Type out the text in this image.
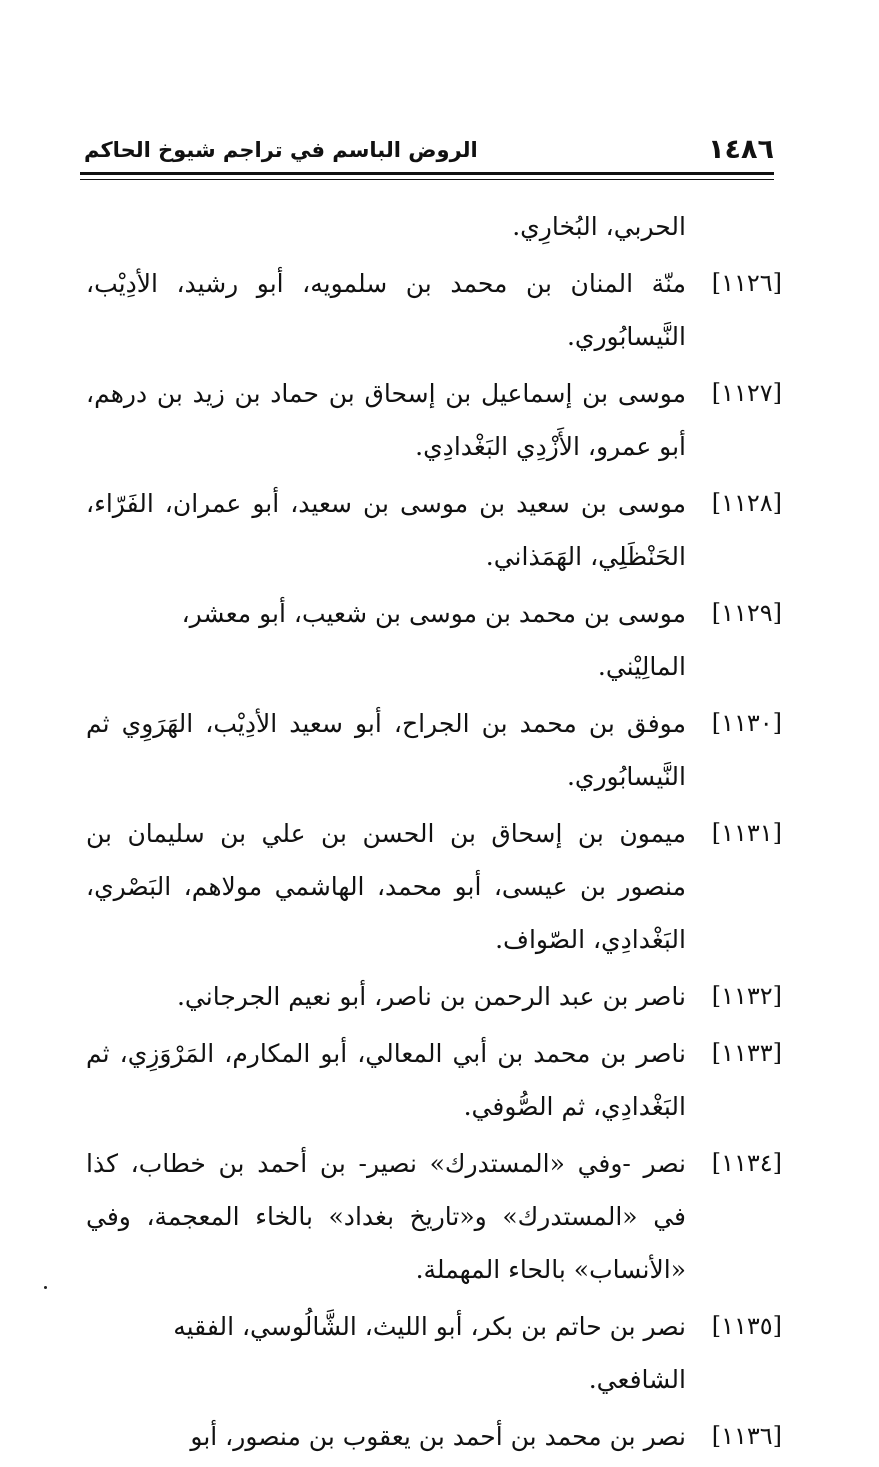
١٤٨٦
الروض الباسم في تراجم شيوخ الحاكم
الحربي، البُخارِي.
[١١٢٦]
منّة المنان بن محمد بن سلمويه، أبو رشيد، الأدِيْب، النَّيسابُوري.
[١١٢٧]
موسى بن إسماعيل بن إسحاق بن حماد بن زيد بن درهم، أبو عمرو، الأَزْدِي البَغْدادِي.
[١١٢٨]
موسى بن سعيد بن موسى بن سعيد، أبو عمران، الفَرّاء، الحَنْظَلِي، الهَمَذاني.
[١١٢٩]
موسى بن محمد بن موسى بن شعيب، أبو معشر، المالِيْني.
[١١٣٠]
موفق بن محمد بن الجراح، أبو سعيد الأدِيْب، الهَرَوِي ثم النَّيسابُوري.
[١١٣١]
ميمون بن إسحاق بن الحسن بن علي بن سليمان بن منصور بن عيسى، أبو محمد، الهاشمي مولاهم، البَصْري، البَغْدادِي، الصّواف.
[١١٣٢]
ناصر بن عبد الرحمن بن ناصر، أبو نعيم الجرجاني.
[١١٣٣]
ناصر بن محمد بن أبي المعالي، أبو المكارم، المَرْوَزِي، ثم البَغْدادِي، ثم الصُّوفي.
[١١٣٤]
نصر -وفي «المستدرك» نصير- بن أحمد بن خطاب، كذا في «المستدرك» و«تاريخ بغداد» بالخاء المعجمة، وفي «الأنساب» بالحاء المهملة.
[١١٣٥]
نصر بن حاتم بن بكر، أبو الليث، الشَّالُوسي، الفقيه الشافعي.
[١١٣٦]
نصر بن محمد بن أحمد بن يعقوب بن منصور، أبو
